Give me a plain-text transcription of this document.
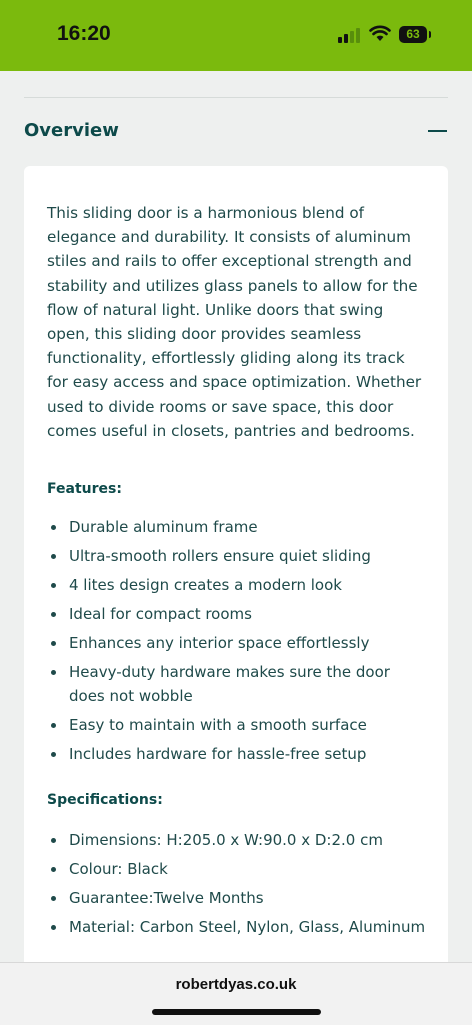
16:20	63
Overview

This sliding door is a harmonious blend of elegance and durability. It consists of aluminum stiles and rails to offer exceptional strength and stability and utilizes glass panels to allow for the flow of natural light. Unlike doors that swing open, this sliding door provides seamless functionality, effortlessly gliding along its track for easy access and space optimization. Whether used to divide rooms or save space, this door comes useful in closets, pantries and bedrooms.

Features:
Durable aluminum frame
Ultra-smooth rollers ensure quiet sliding
4 lites design creates a modern look
Ideal for compact rooms
Enhances any interior space effortlessly
Heavy-duty hardware makes sure the door does not wobble
Easy to maintain with a smooth surface
Includes hardware for hassle-free setup
Specifications:
Dimensions: H:205.0 x W:90.0 x D:2.0 cm
Colour: Black
Guarantee:Twelve Months
Material: Carbon Steel, Nylon, Glass, Aluminum
robertdyas.co.uk
